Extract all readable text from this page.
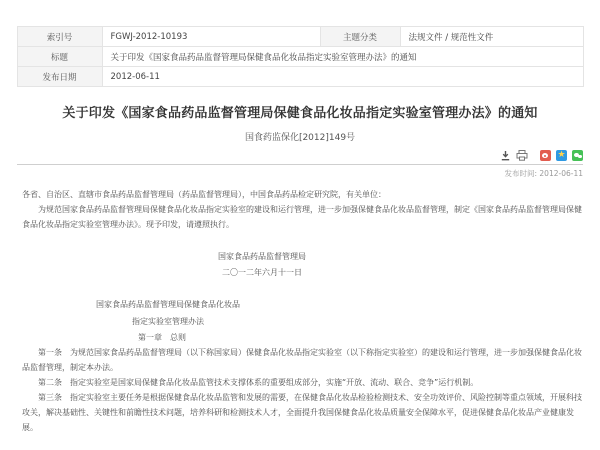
索引号	FGWJ-2012-10193	主题分类	法规文件 / 规范性文件
标题	关于印发《国家食品药品监督管理局保健食品化妆品指定实验室管理办法》的通知		
发布日期	2012-06-11		
关于印发《国家食品药品监督管理局保健食品化妆品指定实验室管理办法》的通知
国食药监保化[2012]149号
★
发布时间: 2012-06-11

各省、自治区、直辖市食品药品监督管理局（药品监督管理局），中国食品药品检定研究院，有关单位：

为规范国家食品药品监督管理局保健食品化妆品指定实验室的建设和运行管理，进一步加强保健食品化妆品监督管理，制定《国家食品药品监督管理局保健食品化妆品指定实验室管理办法》。现予印发，请遵照执行。

国家食品药品监督管理局

二〇一二年六月十一日

国家食品药品监督管理局保健食品化妆品

指定实验室管理办法

第一章　总则

第一条　为规范国家食品药品监督管理局（以下称国家局）保健食品化妆品指定实验室（以下称指定实验室）的建设和运行管理，进一步加强保健食品化妆品监督管理，制定本办法。

第二条　指定实验室是国家局保健食品化妆品监管技术支撑体系的重要组成部分，实施“开放、流动、联合、竞争”运行机制。

第三条　指定实验室主要任务是根据保健食品化妆品监管和发展的需要，在保健食品化妆品检验检测技术、安全功效评价、风险控制等重点领域，开展科技攻关，解决基础性、关键性和前瞻性技术问题，培养科研和检测技术人才，全面提升我国保健食品化妆品质量安全保障水平，促进保健食品化妆品产业健康发展。
